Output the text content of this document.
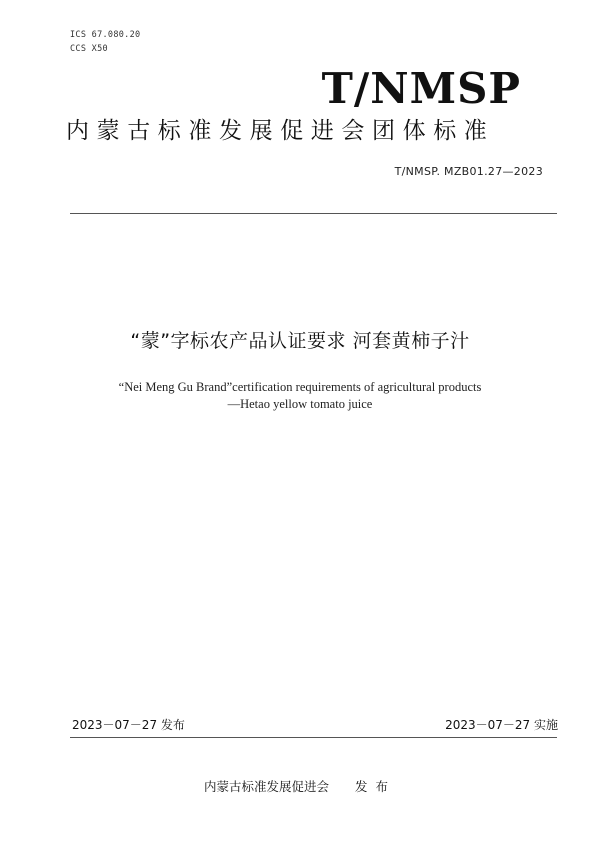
ICS 67.080.20
CCS X50
T/NMSP
内蒙古标准发展促进会团体标准
T/NMSP. MZB01.27—2023
“蒙”字标农产品认证要求 河套黄柿子汁
“Nei Meng Gu Brand”certification requirements of agricultural products
—Hetao yellow tomato juice
2023－07－27 发布	2023－07－27 实施
内蒙古标准发展促进会 发布
